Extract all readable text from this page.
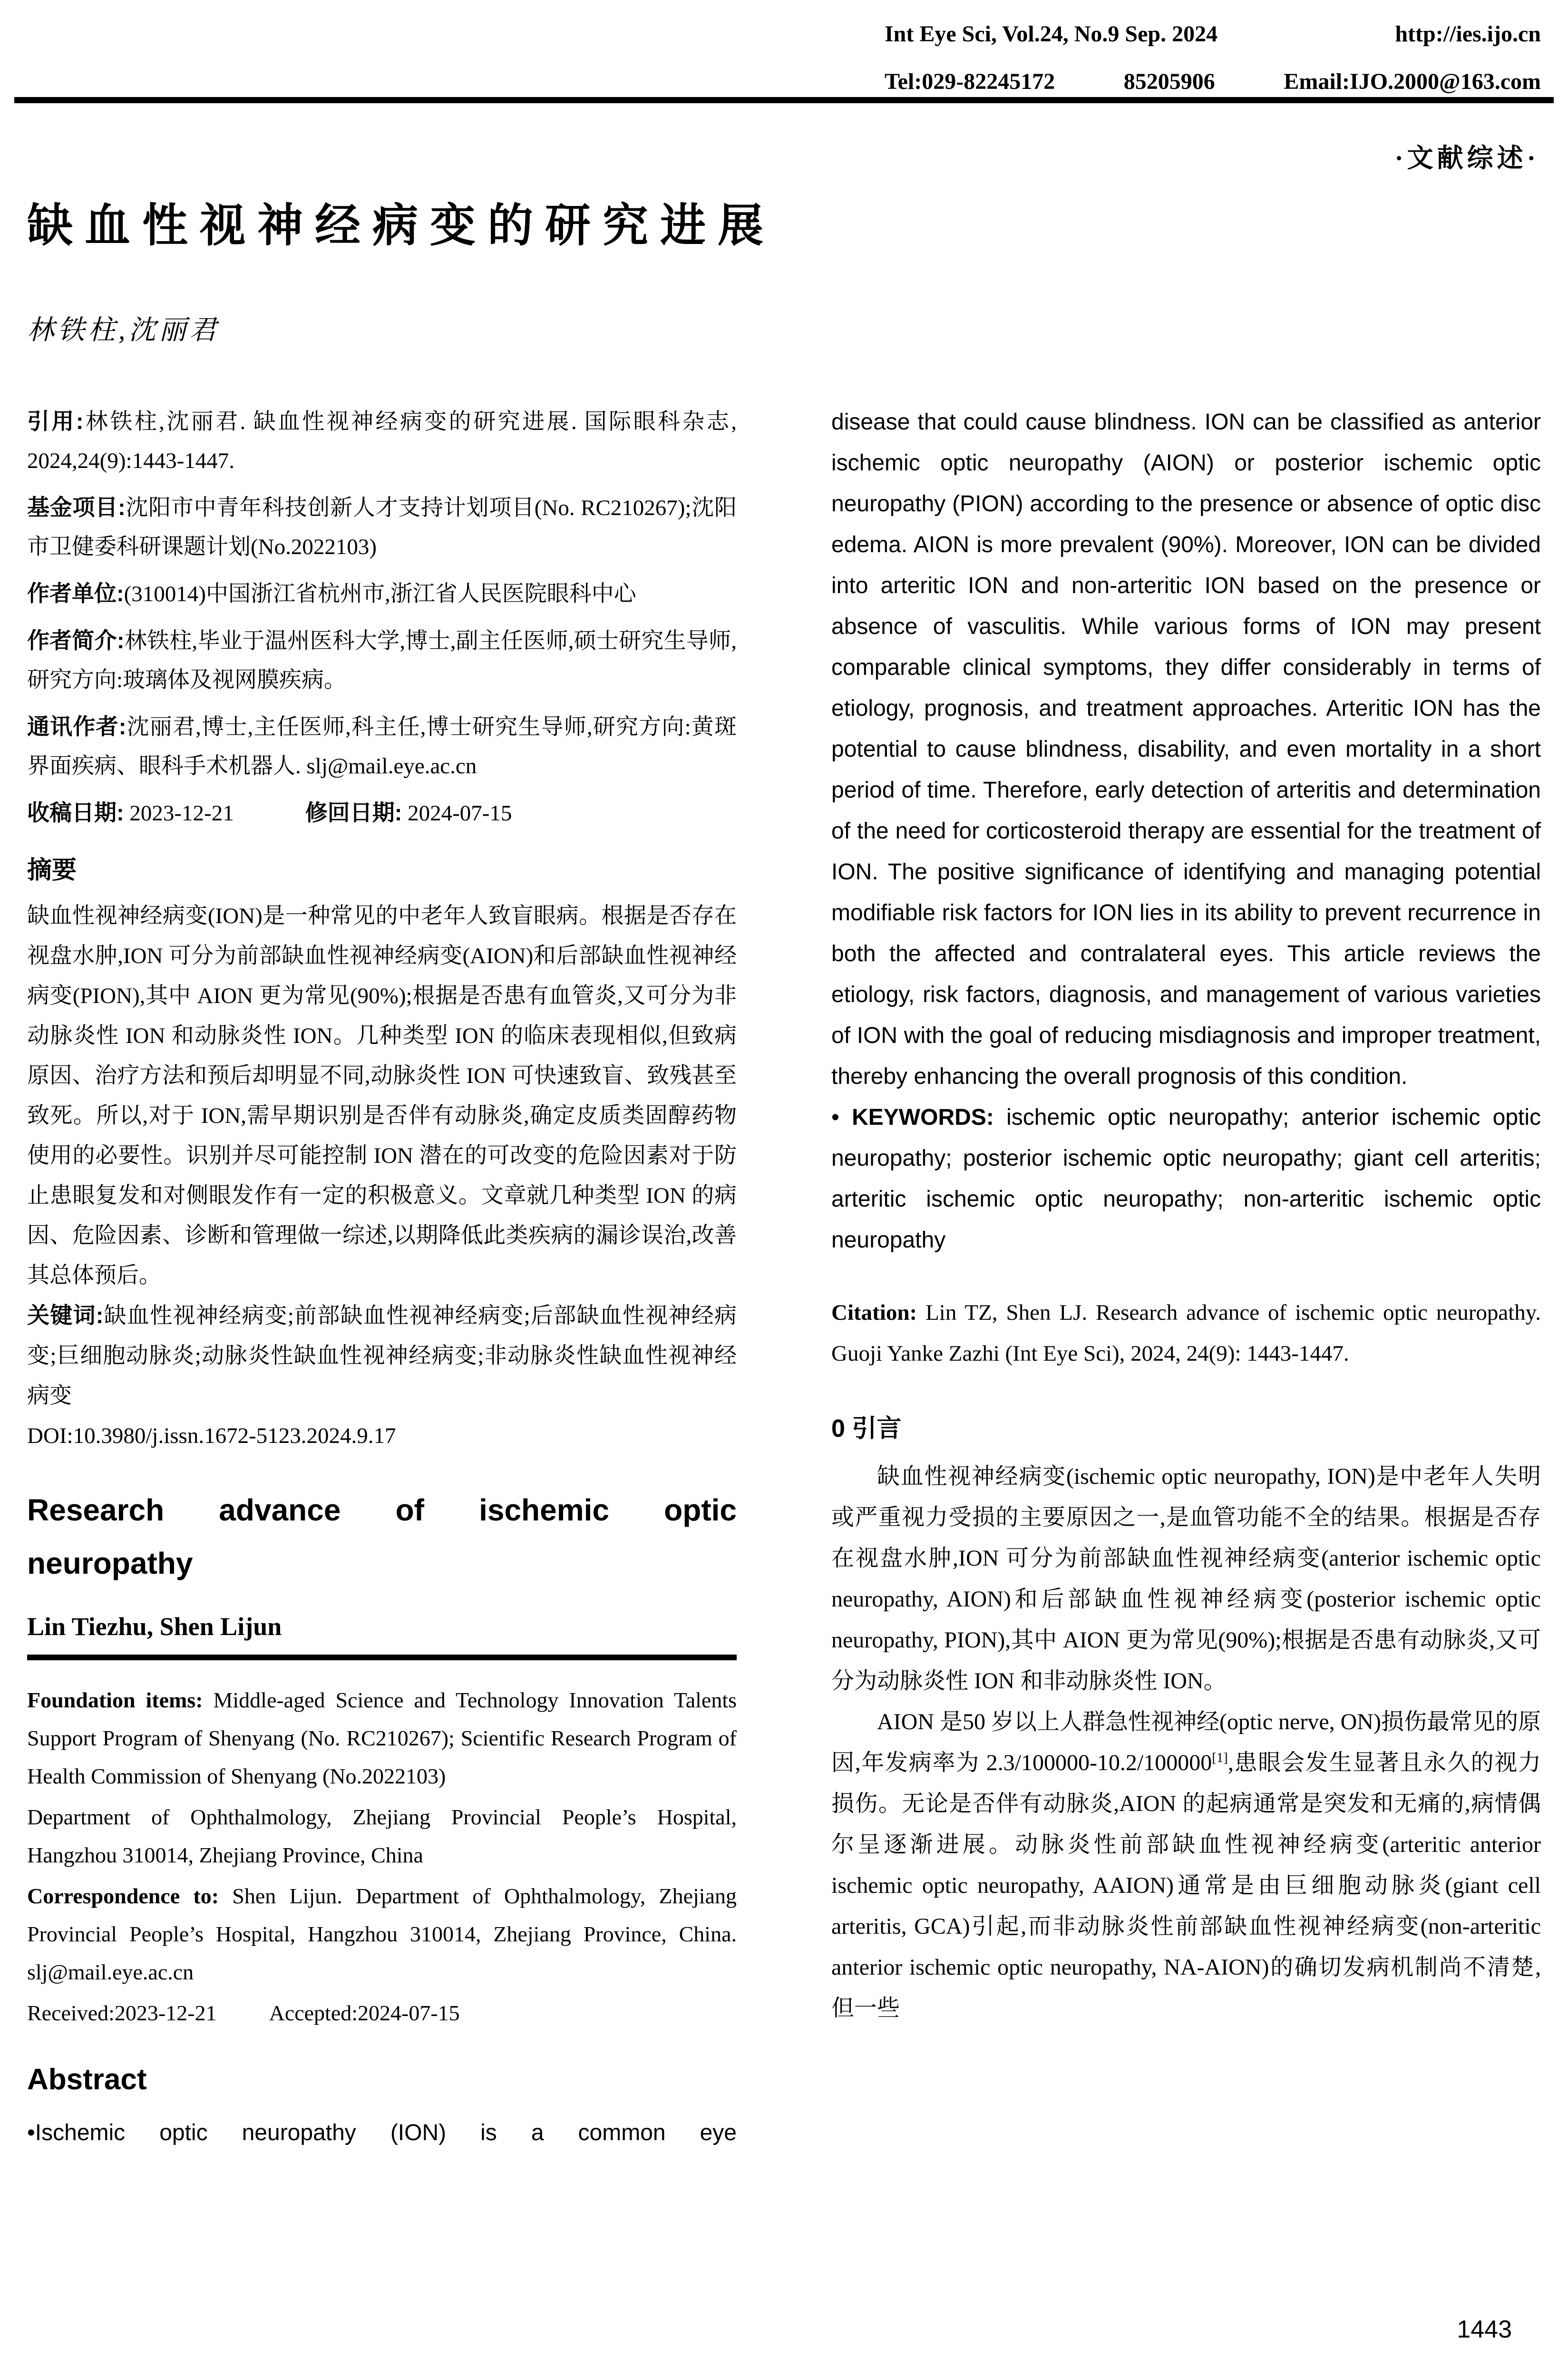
Int Eye Sci, Vol.24, No.9 Sep. 2024	http://ies.ijo.cn
Tel:029-82245172	85205906	Email:IJO.2000@163.com
·文献综述·
缺血性视神经病变的研究进展
林铁柱,沈丽君

引用:林铁柱,沈丽君. 缺血性视神经病变的研究进展. 国际眼科杂志, 2024,24(9):1443-1447.

基金项目:沈阳市中青年科技创新人才支持计划项目(No. RC210267);沈阳市卫健委科研课题计划(No.2022103)

作者单位:(310014)中国浙江省杭州市,浙江省人民医院眼科中心

作者简介:林铁柱,毕业于温州医科大学,博士,副主任医师,硕士研究生导师,研究方向:玻璃体及视网膜疾病。

通讯作者:沈丽君,博士,主任医师,科主任,博士研究生导师,研究方向:黄斑界面疾病、眼科手术机器人. slj@mail.eye.ac.cn

收稿日期: 2023-12-21	修回日期: 2024-07-15

摘要

缺血性视神经病变(ION)是一种常见的中老年人致盲眼病。根据是否存在视盘水肿,ION 可分为前部缺血性视神经病变(AION)和后部缺血性视神经病变(PION),其中 AION 更为常见(90%);根据是否患有血管炎,又可分为非动脉炎性 ION 和动脉炎性 ION。几种类型 ION 的临床表现相似,但致病原因、治疗方法和预后却明显不同,动脉炎性 ION 可快速致盲、致残甚至致死。所以,对于 ION,需早期识别是否伴有动脉炎,确定皮质类固醇药物使用的必要性。识别并尽可能控制 ION 潜在的可改变的危险因素对于防止患眼复发和对侧眼发作有一定的积极意义。文章就几种类型 ION 的病因、危险因素、诊断和管理做一综述,以期降低此类疾病的漏诊误治,改善其总体预后。

关键词:缺血性视神经病变;前部缺血性视神经病变;后部缺血性视神经病变;巨细胞动脉炎;动脉炎性缺血性视神经病变;非动脉炎性缺血性视神经病变

DOI:10.3980/j.issn.1672-5123.2024.9.17

Research advance of ischemic optic
neuropathy
Lin Tiezhu, Shen Lijun

Foundation items: Middle-aged Science and Technology Innovation Talents Support Program of Shenyang (No. RC210267); Scientific Research Program of Health Commission of Shenyang (No.2022103)

Department of Ophthalmology, Zhejiang Provincial People’s Hospital, Hangzhou 310014, Zhejiang Province, China

Correspondence to: Shen Lijun. Department of Ophthalmology, Zhejiang Provincial People’s Hospital, Hangzhou 310014, Zhejiang Province, China. slj@mail.eye.ac.cn

Received:2023-12-21 Accepted:2024-07-15

Abstract

•Ischemic optic neuropathy (ION) is a common eye

disease that could cause blindness. ION can be classified as anterior ischemic optic neuropathy (AION) or posterior ischemic optic neuropathy (PION) according to the presence or absence of optic disc edema. AION is more prevalent (90%). Moreover, ION can be divided into arteritic ION and non-arteritic ION based on the presence or absence of vasculitis. While various forms of ION may present comparable clinical symptoms, they differ considerably in terms of etiology, prognosis, and treatment approaches. Arteritic ION has the potential to cause blindness, disability, and even mortality in a short period of time. Therefore, early detection of arteritis and determination of the need for corticosteroid therapy are essential for the treatment of ION. The positive significance of identifying and managing potential modifiable risk factors for ION lies in its ability to prevent recurrence in both the affected and contralateral eyes. This article reviews the etiology, risk factors, diagnosis, and management of various varieties of ION with the goal of reducing misdiagnosis and improper treatment, thereby enhancing the overall prognosis of this condition.

• KEYWORDS: ischemic optic neuropathy; anterior ischemic optic neuropathy; posterior ischemic optic neuropathy; giant cell arteritis; arteritic ischemic optic neuropathy; non-arteritic ischemic optic neuropathy

Citation: Lin TZ, Shen LJ. Research advance of ischemic optic neuropathy. Guoji Yanke Zazhi (Int Eye Sci), 2024, 24(9): 1443-1447.

0 引言

缺血性视神经病变(ischemic optic neuropathy, ION)是中老年人失明或严重视力受损的主要原因之一,是血管功能不全的结果。根据是否存在视盘水肿,ION 可分为前部缺血性视神经病变(anterior ischemic optic neuropathy, AION)和后部缺血性视神经病变(posterior ischemic optic neuropathy, PION),其中 AION 更为常见(90%);根据是否患有动脉炎,又可分为动脉炎性 ION 和非动脉炎性 ION。

AION 是50 岁以上人群急性视神经(optic nerve, ON)损伤最常见的原因,年发病率为 2.3/100000-10.2/100000[1],患眼会发生显著且永久的视力损伤。无论是否伴有动脉炎,AION 的起病通常是突发和无痛的,病情偶尔呈逐渐进展。动脉炎性前部缺血性视神经病变(arteritic anterior ischemic optic neuropathy, AAION)通常是由巨细胞动脉炎(giant cell arteritis, GCA)引起,而非动脉炎性前部缺血性视神经病变(non-arteritic anterior ischemic optic neuropathy, NA-AION)的确切发病机制尚不清楚,但一些

1443
